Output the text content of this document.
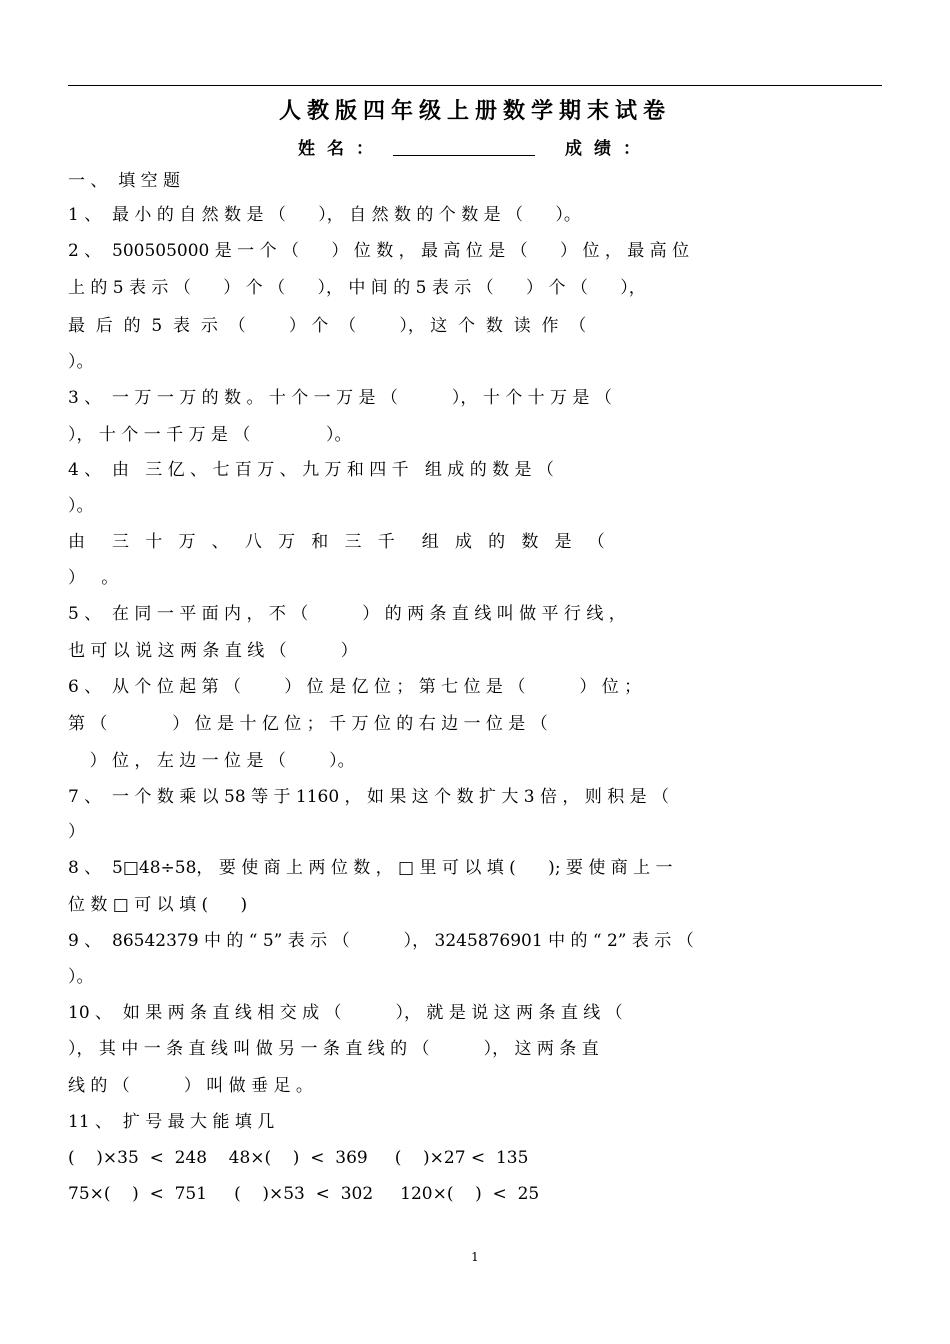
人教版四年级上册数学期末试卷
姓名：	成绩：
一 、  填 空 题
1 、  最 小 的 自 然 数 是 （      ）， 自 然 数 的 个 数 是 （      ）。
2 、  500505000 是 一 个 （      ） 位 数 ， 最 高 位 是 （      ） 位 ， 最 高 位
上 的 5 表 示 （      ） 个 （      ）， 中 间 的 5 表 示 （      ） 个 （      ），
最  后  的  5  表  示  （        ） 个  （        ）， 这  个  数  读  作  （
）。
3 、  一 万 一 万 的 数 。 十 个 一 万 是 （          ）， 十 个 十 万 是 （
）， 十 个 一 千 万 是 （              ）。
4 、  由   三 亿 、 七 百 万 、 九 万 和 四 千   组 成 的 数 是 （
）。
由     三   十   万   、   八   万   和   三   千     组   成   的   数   是   （
）   。
5 、  在 同 一 平 面 内 ， 不 （          ） 的 两 条 直 线 叫 做 平 行 线 ，
也 可 以 说 这 两 条 直 线 （          ）
6 、  从 个 位 起 第 （        ） 位 是 亿 位 ； 第 七 位 是 （          ） 位 ；
第 （            ） 位 是 十 亿 位 ； 千 万 位 的 右 边 一 位 是 （
） 位 ， 左 边 一 位 是 （        ）。
7 、  一 个 数 乘 以 58 等 于 1160 ， 如 果 这 个 数 扩 大 3 倍 ， 则 积 是 （
）
8 、  5□48÷58， 要 使 商 上 两 位 数 ， □ 里 可 以 填 (      ); 要 使 商 上 一
位 数 □ 可 以 填 (      )
9 、  86542379 中 的 “ 5” 表 示 （          ）， 3245876901 中 的 “ 2” 表 示 （
）。
10 、  如 果 两 条 直 线 相 交 成 （          ）， 就 是 说 这 两 条 直 线 （
）， 其 中 一 条 直 线 叫 做 另 一 条 直 线 的 （          ）， 这 两 条 直
线 的 （          ） 叫 做 垂 足 。
11 、  扩 号 最 大 能 填 几
(    )×35  <  248    48×(    )  <  369     (    )×27 <  135
75×(    )  <  751     (    )×53  <  302     120×(    )  <  25
1
